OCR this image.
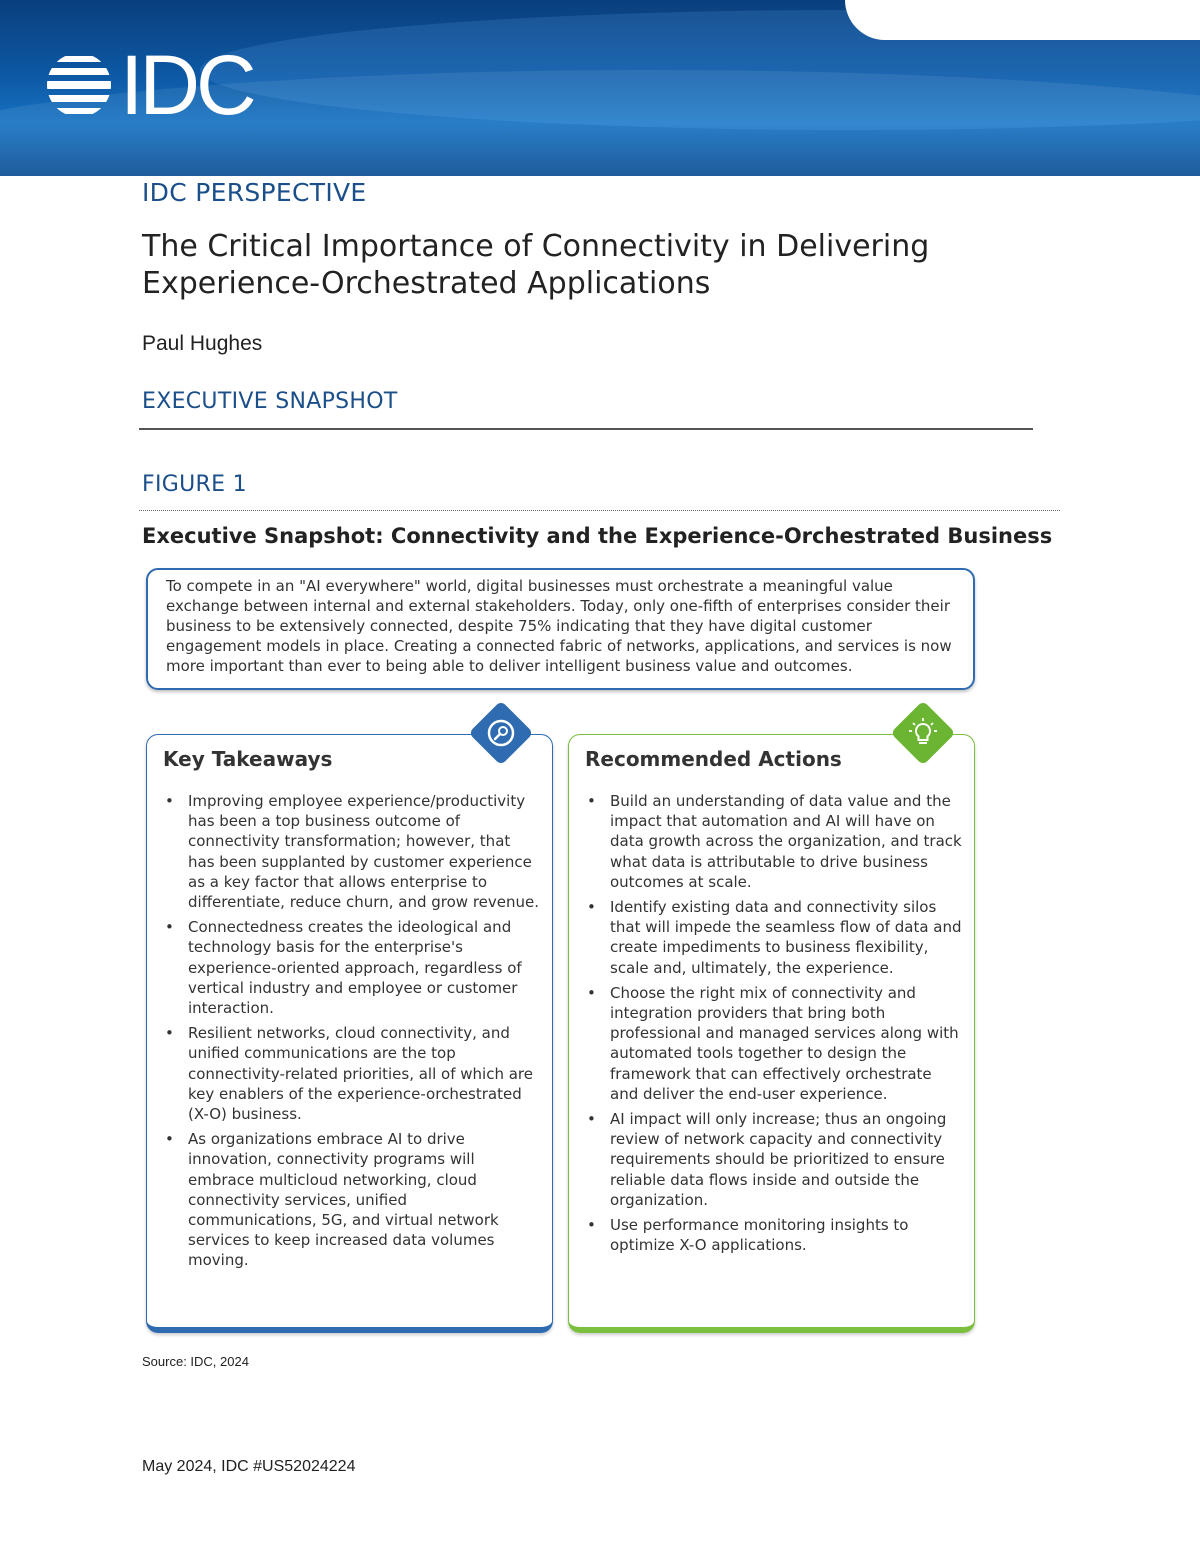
IDC
IDC PERSPECTIVE
The Critical Importance of Connectivity in Delivering Experience-Orchestrated Applications
Paul Hughes
EXECUTIVE SNAPSHOT
FIGURE 1
Executive Snapshot: Connectivity and the Experience-Orchestrated Business

To compete in an "AI everywhere" world, digital businesses must orchestrate a meaningful value exchange between internal and external stakeholders. Today, only one-fifth of enterprises consider their business to be extensively connected, despite 75% indicating that they have digital customer engagement models in place. Creating a connected fabric of networks, applications, and services is now more important than ever to being able to deliver intelligent business value and outcomes.

Key Takeaways
• Improving employee experience/productivity has been a top business outcome of connectivity transformation; however, that has been supplanted by customer experience as a key factor that allows enterprise to differentiate, reduce churn, and grow revenue.
• Connectedness creates the ideological and technology basis for the enterprise's experience-oriented approach, regardless of vertical industry and employee or customer interaction.
• Resilient networks, cloud connectivity, and unified communications are the top connectivity-related priorities, all of which are key enablers of the experience-orchestrated (X-O) business.
• As organizations embrace AI to drive innovation, connectivity programs will embrace multicloud networking, cloud connectivity services, unified communications, 5G, and virtual network services to keep increased data volumes moving.
Recommended Actions
• Build an understanding of data value and the impact that automation and AI will have on data growth across the organization, and track what data is attributable to drive business outcomes at scale.
• Identify existing data and connectivity silos that will impede the seamless flow of data and create impediments to business flexibility, scale and, ultimately, the experience.
• Choose the right mix of connectivity and integration providers that bring both professional and managed services along with automated tools together to design the framework that can effectively orchestrate and deliver the end-user experience.
• AI impact will only increase; thus an ongoing review of network capacity and connectivity requirements should be prioritized to ensure reliable data flows inside and outside the organization.
• Use performance monitoring insights to optimize X-O applications.
Source: IDC, 2024
May 2024, IDC #US52024224
